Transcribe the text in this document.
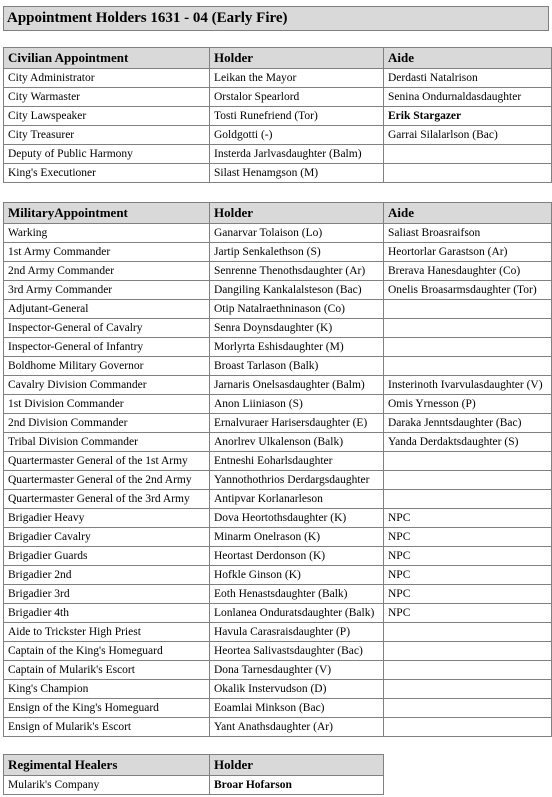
Appointment Holders 1631 - 04 (Early Fire)
Civilian Appointment	Holder	Aide
City Administrator	Leikan the Mayor	Derdasti Natalrison
City Warmaster	Orstalor Spearlord	Senina Ondurnaldasdaughter
City Lawspeaker	Tosti Runefriend (Tor)	Erik Stargazer
City Treasurer	Goldgotti (-)	Garrai Silalarlson (Bac)
Deputy of Public Harmony	Insterda Jarlvasdaughter (Balm)	
King's Executioner	Silast Henamgson (M)	
MilitaryAppointment	Holder	Aide
Warking	Ganarvar Tolaison (Lo)	Saliast Broasraifson
1st Army Commander	Jartip Senkalethson (S)	Heortorlar Garastson (Ar)
2nd Army Commander	Senrenne Thenothsdaughter (Ar)	Brerava Hanesdaughter (Co)
3rd Army Commander	Dangiling Kankalalsteson (Bac)	Onelis Broasarmsdaughter (Tor)
Adjutant-General	Otip Natalraethninason (Co)	
Inspector-General of Cavalry	Senra Doynsdaughter (K)	
Inspector-General of Infantry	Morlyrta Eshisdaughter (M)	
Boldhome Military Governor	Broast Tarlason (Balk)	
Cavalry Division Commander	Jarnaris Onelsasdaughter (Balm)	Insterinoth Ivarvulasdaughter (V)
1st Division Commander	Anon Liiniason (S)	Omis Yrnesson (P)
2nd Division Commander	Ernalvuraer Harisersdaughter (E)	Daraka Jenntsdaughter (Bac)
Tribal Division Commander	Anorlrev Ulkalenson (Balk)	Yanda Derdaktsdaughter (S)
Quartermaster General of the 1st Army	Entneshi Eoharlsdaughter	
Quartermaster General of the 2nd Army	Yannothothrios Derdargsdaughter	
Quartermaster General of the 3rd Army	Antipvar Korlanarleson	
Brigadier Heavy	Dova Heortothsdaughter (K)	NPC
Brigadier Cavalry	Minarm Onelrason (K)	NPC
Brigadier Guards	Heortast Derdonson (K)	NPC
Brigadier 2nd	Hofkle Ginson (K)	NPC
Brigadier 3rd	Eoth Henastsdaughter (Balk)	NPC
Brigadier 4th	Lonlanea Onduratsdaughter (Balk)	NPC
Aide to Trickster High Priest	Havula Carasraisdaughter (P)	
Captain of the King's Homeguard	Heortea Salivastsdaughter (Bac)	
Captain of Mularik's Escort	Dona Tarnesdaughter (V)	
King's Champion	Okalik Instervudson (D)	
Ensign of the King's Homeguard	Eoamlai Minkson (Bac)	
Ensign of Mularik's Escort	Yant Anathsdaughter (Ar)	
Regimental Healers	Holder
Mularik's Company	Broar Hofarson
